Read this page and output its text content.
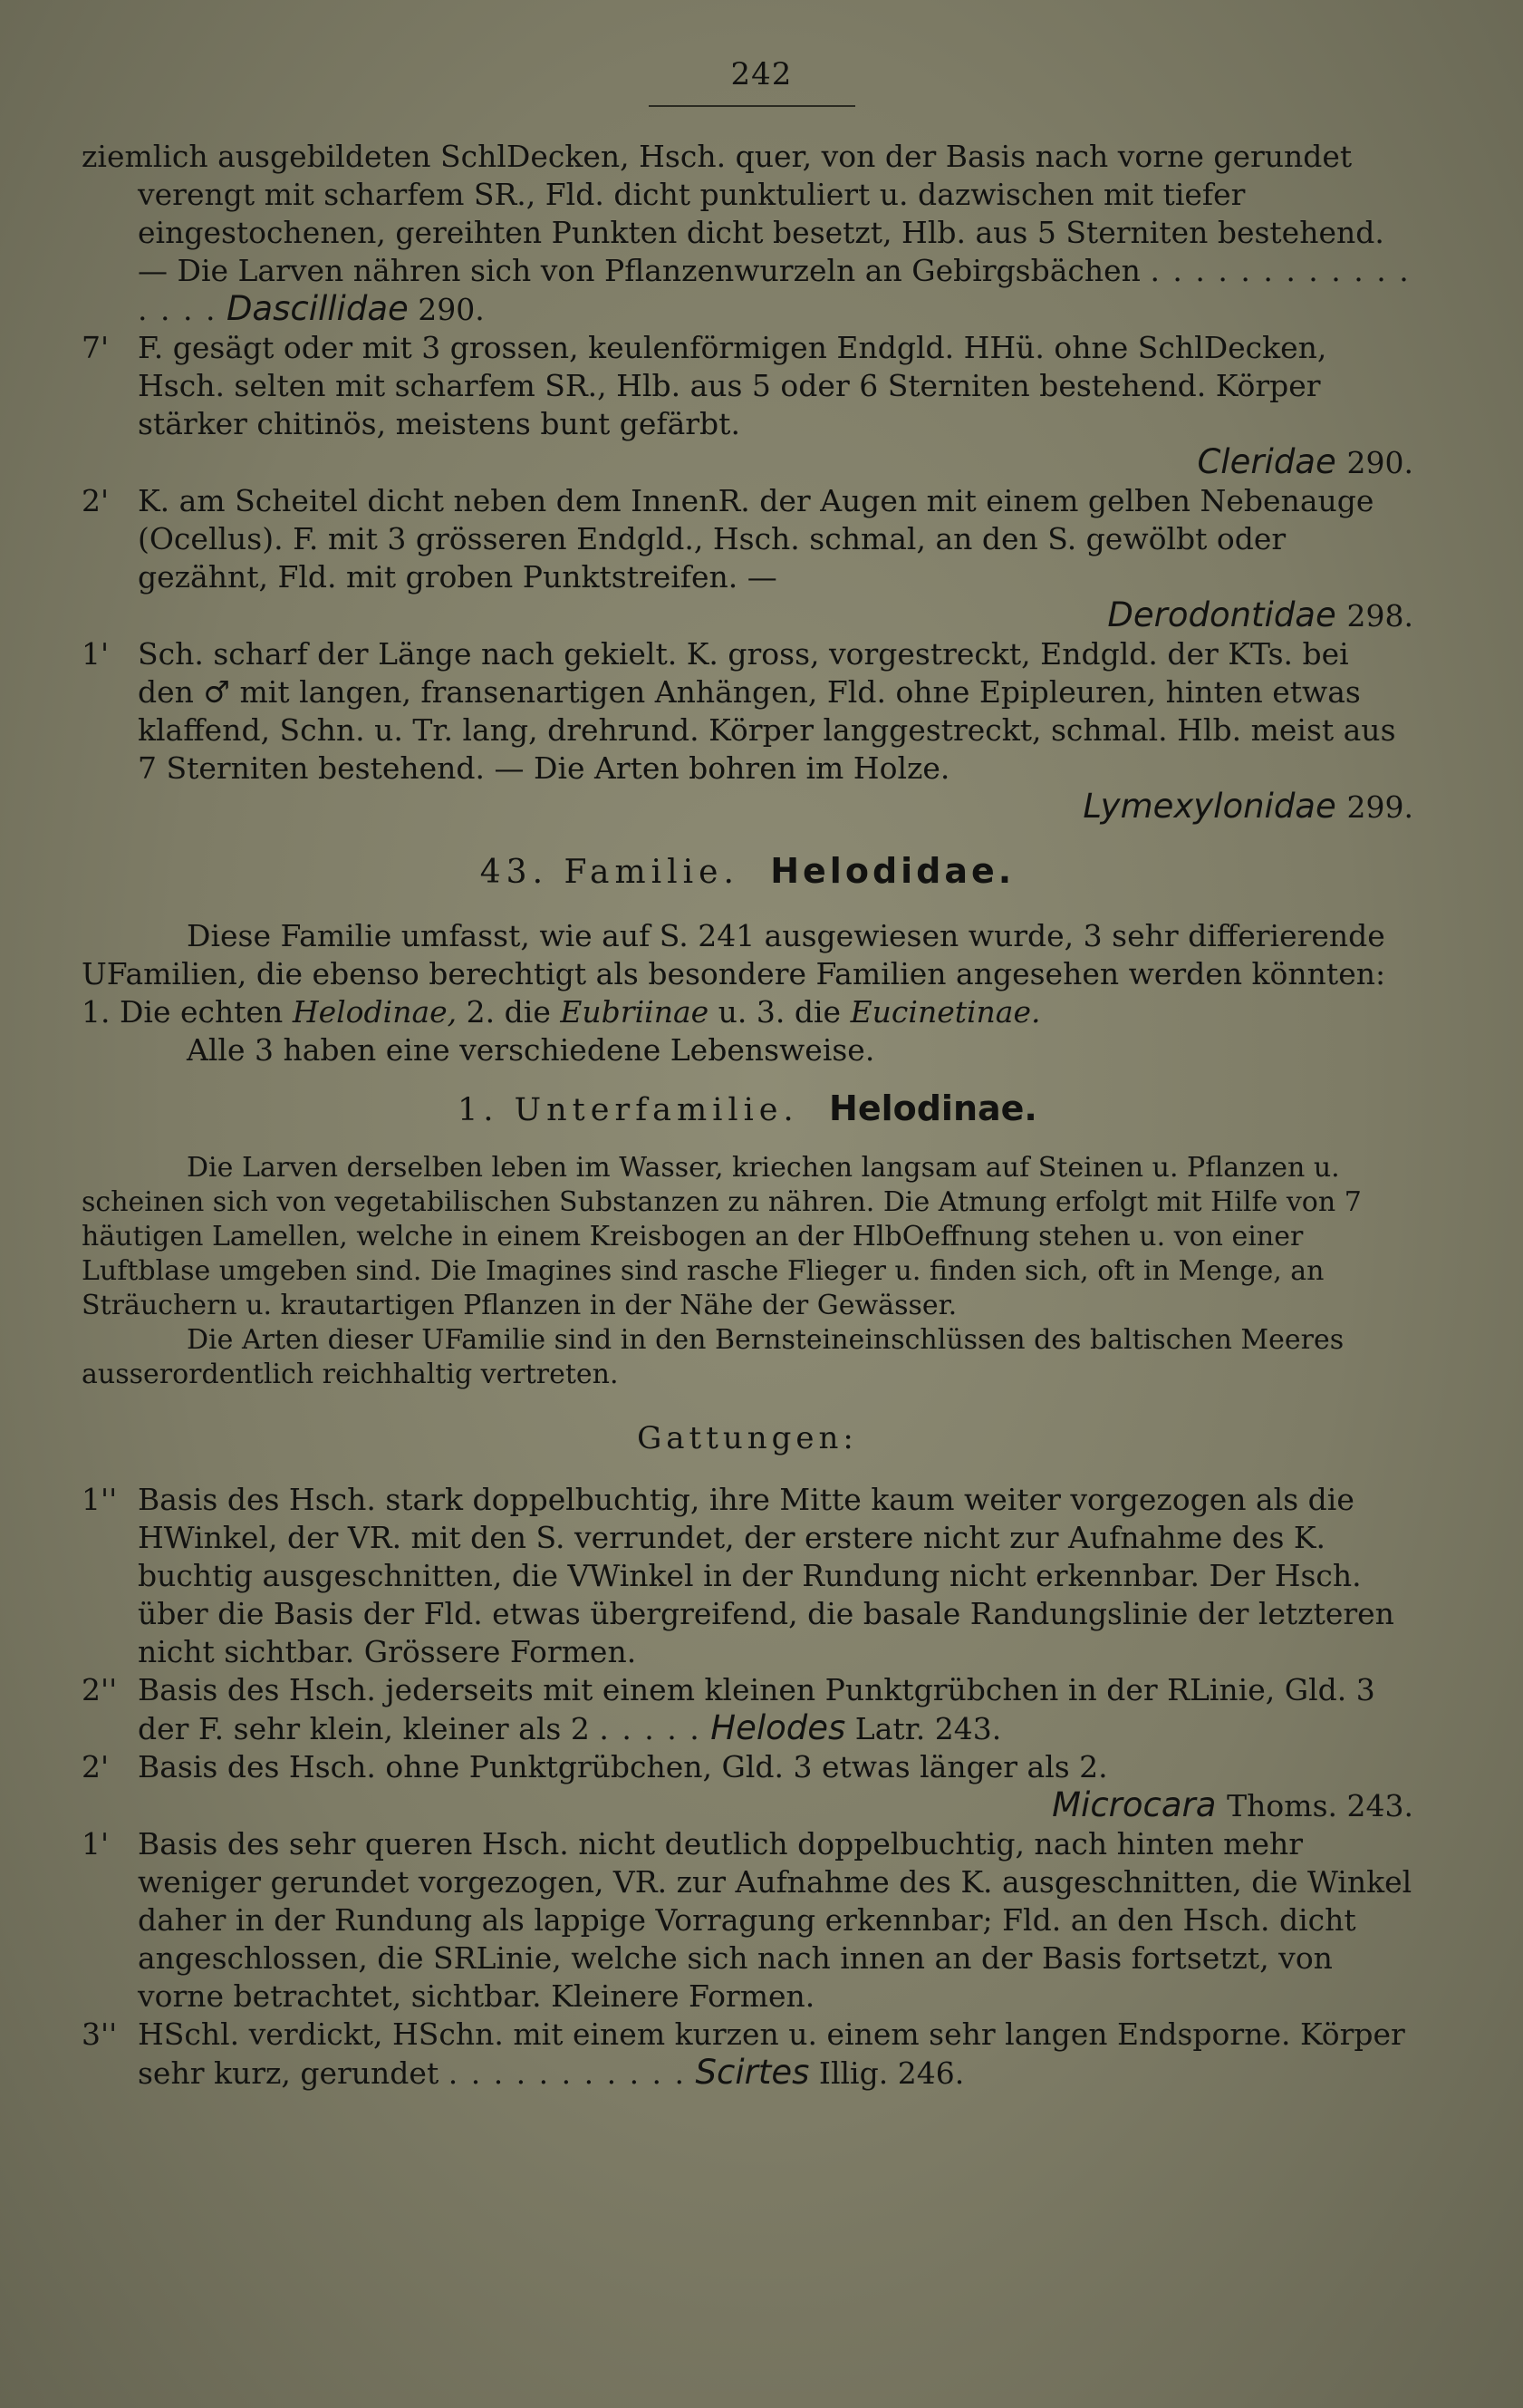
242
ziemlich ausgebildeten SchlDecken, Hsch. quer, von der Basis nach vorne gerundet verengt mit scharfem SR., Fld. dicht punktuliert u. dazwischen mit tiefer eingestochenen, gereihten Punkten dicht besetzt, Hlb. aus 5 Sterniten bestehend. — Die Larven nähren sich von Pflanzenwurzeln an Gebirgsbächen . . . . . . . . . . . . . . . . Dascillidae 290.
7' F. gesägt oder mit 3 grossen, keulenförmigen Endgld. HHü. ohne SchlDecken, Hsch. selten mit scharfem SR., Hlb. aus 5 oder 6 Sterniten bestehend. Körper stärker chitinös, meistens bunt gefärbt.
Cleridae 290.
2' K. am Scheitel dicht neben dem InnenR. der Augen mit einem gelben Nebenauge (Ocellus). F. mit 3 grösseren Endgld., Hsch. schmal, an den S. gewölbt oder gezähnt, Fld. mit groben Punktstreifen. —
Derodontidae 298.
1' Sch. scharf der Länge nach gekielt. K. gross, vorgestreckt, Endgld. der KTs. bei den ♂ mit langen, fransenartigen Anhängen, Fld. ohne Epipleuren, hinten etwas klaffend, Schn. u. Tr. lang, drehrund. Körper langgestreckt, schmal. Hlb. meist aus 7 Sterniten bestehend. — Die Arten bohren im Holze.
Lymexylonidae 299.
43. Familie. Helodidae.
Diese Familie umfasst, wie auf S. 241 ausgewiesen wurde, 3 sehr differierende UFamilien, die ebenso berechtigt als besondere Familien angesehen werden könnten: 1. Die echten Helodinae, 2. die Eubriinae u. 3. die Eucinetinae.
Alle 3 haben eine verschiedene Lebensweise.
1. Unterfamilie. Helodinae.
Die Larven derselben leben im Wasser, kriechen langsam auf Steinen u. Pflanzen u. scheinen sich von vegetabilischen Substanzen zu nähren. Die Atmung erfolgt mit Hilfe von 7 häutigen Lamellen, welche in einem Kreisbogen an der HlbOeffnung stehen u. von einer Luftblase umgeben sind. Die Imagines sind rasche Flieger u. finden sich, oft in Menge, an Sträuchern u. krautartigen Pflanzen in der Nähe der Gewässer.
Die Arten dieser UFamilie sind in den Bernsteineinschlüssen des baltischen Meeres ausserordentlich reichhaltig vertreten.
Gattungen:
1'' Basis des Hsch. stark doppelbuchtig, ihre Mitte kaum weiter vorgezogen als die HWinkel, der VR. mit den S. verrundet, der erstere nicht zur Aufnahme des K. buchtig ausgeschnitten, die VWinkel in der Rundung nicht erkennbar. Der Hsch. über die Basis der Fld. etwas übergreifend, die basale Randungslinie der letzteren nicht sichtbar. Grössere Formen.
2'' Basis des Hsch. jederseits mit einem kleinen Punktgrübchen in der RLinie, Gld. 3 der F. sehr klein, kleiner als 2 . . . . . Helodes Latr. 243.
2' Basis des Hsch. ohne Punktgrübchen, Gld. 3 etwas länger als 2.
Microcara Thoms. 243.
1' Basis des sehr queren Hsch. nicht deutlich doppelbuchtig, nach hinten mehr weniger gerundet vorgezogen, VR. zur Aufnahme des K. ausgeschnitten, die Winkel daher in der Rundung als lappige Vorragung erkennbar; Fld. an den Hsch. dicht angeschlossen, die SRLinie, welche sich nach innen an der Basis fortsetzt, von vorne betrachtet, sichtbar. Kleinere Formen.
3'' HSchl. verdickt, HSchn. mit einem kurzen u. einem sehr langen Endsporne. Körper sehr kurz, gerundet . . . . . . . . . . . Scirtes Illig. 246.
